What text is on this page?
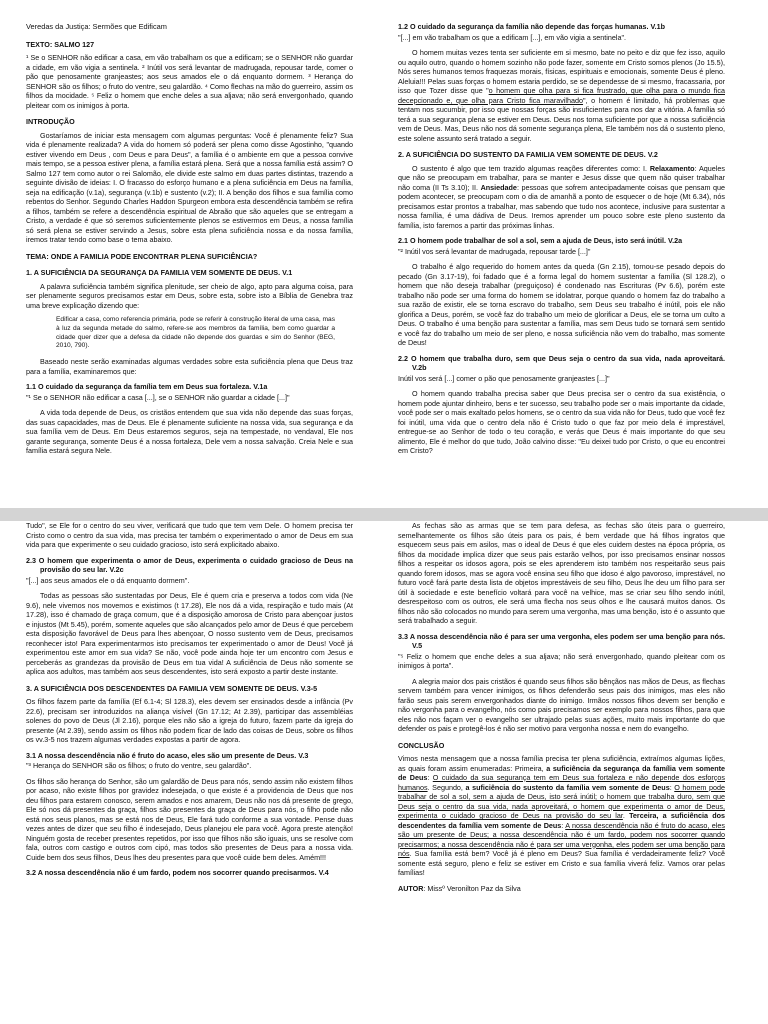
Veredas da Justiça: Sermões que Edificam

TEXTO: SALMO 127

¹ Se o SENHOR não edificar a casa, em vão trabalham os que a edificam; se o SENHOR não guardar a cidade, em vão vigia a sentinela. ² Inútil vos será levantar de madrugada, repousar tarde, comer o pão que penosamente granjeastes; aos seus amados ele o dá enquanto dormem. ³ Herança do SENHOR são os filhos; o fruto do ventre, seu galardão. ⁴ Como flechas na mão do guerreiro, assim os filhos da mocidade. ⁵ Feliz o homem que enche deles a sua aljava; não será envergonhado, quando pleitear com os inimigos à porta.

INTRODUÇÃO

Gostaríamos de iniciar esta mensagem com algumas perguntas: Você é plenamente feliz? Sua vida é plenamente realizada? A vida do homem só poderá ser plena como disse Agostinho, "quando estiver vivendo em Deus , com Deus e para Deus", a família é o ambiente em que a pessoa convive mais tempo, se a pessoa estiver plena, a família estará plena. Será que a nossa família está assim? O Salmo 127 tem como autor o rei Salomão, ele divide este salmo em duas partes distintas, trazendo a seguinte divisão de ideias: I. O fracasso do esforço humano e a plena suficiência em Deus na família, seja na edificação (v.1a), segurança (v.1b) e sustento (v.2); II. A benção dos filhos e sua família como rebentos do Senhor. Segundo Charles Haddon Spurgeon embora esta descendência também se refira a filhos, também se refere a descendência espiritual de Abraão que são aqueles que se entregam a Cristo, a verdade é que só seremos suficientemente plenos se estivermos em Deus, a nossa família só será plena se estiver servindo a Jesus, sobre esta plena suficiência nossa e da nossa família, iremos tratar tendo como base o tema abaixo.

TEMA: ONDE A FAMILIA PODE ENCONTRAR PLENA SUFICIÊNCIA?

1. A SUFICIÊNCIA DA SEGURANÇA DA FAMILIA VEM SOMENTE DE DEUS. V.1

A palavra suficiência também significa plenitude, ser cheio de algo, apto para alguma coisa, para ser plenamente seguros precisamos estar em Deus, sobre esta, sobre isto a Bíblia de Genebra traz uma breve explicação dizendo que:

Edificar a casa, como referencia primária, pode se referir à construção literal de uma casa, mas à luz da segunda metade do salmo, refere-se aos membros da família, bem como guardar a cidade quer dizer que a defesa da cidade não depende dos guardas e sim do Senhor (BEG, 2010, 790).

Baseado neste serão examinadas algumas verdades sobre esta suficiência plena que Deus traz para a família, examinaremos que:

1.1 O cuidado da segurança da família tem em Deus sua fortaleza. V.1a

"¹ Se o SENHOR não edificar a casa [...], se o SENHOR não guardar a cidade [...]"

A vida toda depende de Deus, os cristãos entendem que sua vida não depende das suas forças, das suas capacidades, mas de Deus. Ele é plenamente suficiente na nossa vida, sua segurança e da sua família vem de Deus. Em Deus estaremos seguros, seja na tempestade, no vendaval, Ele nos garante segurança, somente Deus é a nossa fortaleza, Dele vem a nossa salvação. Creia Nele e sua família estará segura Nele.

1.2 O cuidado da segurança da família não depende das forças humanas. V.1b

"[...] em vão trabalham os que a edificam [...], em vão vigia a sentinela".

O homem muitas vezes tenta ser suficiente em si mesmo, bate no peito e diz que fez isso, aquilo ou aquilo outro, quando o homem sozinho não pode fazer, somente em Cristo somos plenos (Jo 15.5), Nós seres humanos temos fraquezas morais, físicas, espirituais e emocionais, somente Deus é pleno. Aleluia!!! Pelas suas forças o homem estaria perdido, se se dependesse de si mesmo, fracassaria, por isso que Tozer disse que "o homem que olha para si fica frustrado, que olha para o mundo fica decepcionado e, que olha para Cristo fica maravilhado", o homem é limitado, há problemas que tentam nos sucumbir, por isso que nossas forças são insuficientes para nos dar a vitória. A família só terá a sua segurança plena se estiver em Deus. Deus nos torna suficiente por que a nossa suficiência vem de Deus. Mas, Deus não nos dá somente segurança plena, Ele também nos dá o sustento pleno, este solene assunto será tratado a seguir.

2. A SUFICIÊNCIA DO SUSTENTO DA FAMILIA VEM SOMENTE DE DEUS. V.2

O sustento é algo que tem trazido algumas reações diferentes como: I. Relaxamento: Aqueles que não se preocupam em trabalhar, para se manter e Jesus disse que quem não quiser trabalhar não coma (II Ts 3.10); II. Ansiedade: pessoas que sofrem antecipadamente coisas que pensam que podem acontecer, se preocupam com o dia de amanhã a ponto de esquecer o de hoje (Mt 6.34), nós precisamos estar prontos a trabalhar, mas sabendo que tudo nos acontece, inclusive para sustentar a nossa família, é uma dádiva de Deus. Iremos aprender um pouco sobre este pleno sustento da família, isto faremos a partir das próximas linhas.

2.1 O homem pode trabalhar de sol a sol, sem a ajuda de Deus, isto será inútil. V.2a

"² Inútil vos será levantar de madrugada, repousar tarde [...]"

O trabalho é algo requerido do homem antes da queda (Gn 2.15), tornou-se pesado depois do pecado (Gn 3.17-19), foi fadado que é a forma legal do homem sustentar a família (Sl 128.2), o homem que não deseja trabalhar (preguiçoso) é condenado nas Escrituras (Pv 6.6), porém este trabalho não pode ser uma forma do homem se idolatrar, porque quando o homem faz do trabalho a sua razão de existir, ele se torna escravo do trabalho, sem Deus seu trabalho é inútil, pois ele não glorifica a Deus, porém, se você faz do trabalho um meio de glorificar a Deus, ele se torna um culto a Deus. O trabalho é uma benção para sustentar a família, mas sem Deus tudo se tornará sem sentido e você faz do trabalho um meio de ser pleno, e nossa suficiência não vem do trabalho, mas somente de Deus!

2.2 O homem que trabalha duro, sem que Deus seja o centro da sua vida, nada aproveitará. V.2b

Inútil vos será [...] comer o pão que penosamente granjeastes [...]"

O homem quando trabalha precisa saber que Deus precisa ser o centro da sua existência, o homem pode ajuntar dinheiro, bens e ter sucesso, seu trabalho pode ser o mais importante da cidade, você pode ser o mais exaltado pelos homens, se o centro da sua vida não for Deus, tudo que você fez foi inútil, uma vida que o centro dela não é Cristo tudo o que faz por meio dela é imprestável, entregue-se ao Senhor de todo o teu coração, e verás que Deus é mais importante do que seu alimento, Ele é melhor do que tudo, João calvino disse: "Eu deixei tudo por Cristo, o que eu encontrei em Cristo?

Tudo", se Ele for o centro do seu viver, verificará que tudo que tem vem Dele. O homem precisa ter Cristo como o centro da sua vida, mas precisa ter também o experimentado o amor de Deus em sua vida para que experimente o seu cuidado gracioso, isto será explicitado abaixo.

2.3 O homem que experimenta o amor de Deus, experimenta o cuidado gracioso de Deus na provisão do seu lar. V.2c

"[...] aos seus amados ele o dá enquanto dormem".

Todas as pessoas são sustentadas por Deus, Ele é quem cria e preserva a todos com vida (Ne 9.6), nele vivemos nos movemos e existimos (t 17.28), Ele nos dá a vida, respiração e tudo mais (At 17.28), isso é chamado de graça comum, que é a disposição amorosa de Cristo para abençoar justos e injustos (Mt 5.45), porém, somente aqueles que são alcançados pelo amor de Deus é que percebem esta disposição favorável de Deus para lhes abençoar, O nosso sustento vem de Deus, precisamos reconhecer isto! Para experimentarmos isto precisamos ter experimentado o amor de Deus! Você já experimentou este amor em sua vida? Se não, você pode ainda hoje ter um encontro com Jesus e perceberás as grandezas da provisão de Deus em tua vida! A suficiência de Deus não somente se aplica aos adultos, mas também aos seus descendentes, isto será exposto a partir deste instante.

3. A SUFICIÊNCIA DOS DESCENDENTES DA FAMILIA VEM SOMENTE DE DEUS. V.3-5

Os filhos fazem parte da família (Ef 6.1-4; Sl 128.3), eles devem ser ensinados desde a infância (Pv 22.6), precisam ser introduzidos na aliança visível (Gn 17.12; At 2.39), participar das assembléias solenes do povo de Deus (Jl 2.16), porque eles não são a igreja do futuro, fazem parte da igreja do presente (At 2.39), sendo assim os filhos não podem ficar de lado das coisas de Deus, sobre os filhos os vv.3-5 nos trazem algumas verdades expostas a partir de agora.

3.1 A nossa descendência não é fruto do acaso, eles são um presente de Deus. V.3

"³ Herança do SENHOR são os filhos; o fruto do ventre, seu galardão".

Os filhos são herança do Senhor, são um galardão de Deus para nós, sendo assim não existem filhos por acaso, não existe filhos por gravidez indesejada, o que existe é a providencia de Deus que nos deu filhos para estarem conosco, serem amados e nos amarem, Deus não nos dá presente de grego, Ele só nos dá presentes da graça, filhos são presentes da graça de Deus para nós, o filho pode não está nos seus planos, mas se está nos de Deus, Ele fará tudo conforme a sua vontade. Pense duas vezes antes de dizer que seu filho é indesejado, Deus planejou ele para você. Agora preste atenção! Ninguém gosta de receber presentes repetidos, por isso que filhos não são iguais, uns se resolve com fala, outros com castigo e outros com cipó, mas todos são presentes de Deus para a nossa vida. Cuide bem dos seus filhos, Deus lhes deu presentes para que você cuide bem deles. Amém!!!

3.2 A nossa descendência não é um fardo, podem nos socorrer quando precisarmos. V.4

As fechas são as armas que se tem para defesa, as fechas são úteis para o guerreiro, semelhantemente os filhos são úteis para os pais, é bem verdade que há filhos ingratos que esquecem seus pais em asilos, mas o ideal de Deus é que eles cuidem destes na época própria, os filhos da mocidade implica dizer que seus pais estarão velhos, por isso precisamos ensinar nossos filhos a respeitar os idosos agora, pois se eles aprenderem isto também nos respeitarão seus pais quando forem idosos, mas se agora você ensina seu filho que idoso é algo pavoroso, imprestável, no futuro você fará parte desta lista de objetos imprestáveis de seu filho, Deus lhe deu um filho para ser útil à sociedade e este benefício voltará para você na velhice, mas se criar seu filho sendo inútil, desrespeitoso com os outros, ele será uma flecha nos seus olhos e lhe causará muitos danos. Os filhos não são colocados no mundo para serem uma vergonha, mas uma benção, isto é o assunto que será trabalhado a seguir.

3.3 A nossa descendência não é para ser uma vergonha, eles podem ser uma benção para nós. V.5

"⁵ Feliz o homem que enche deles a sua aljava; não será envergonhado, quando pleitear com os inimigos à porta".

A alegria maior dos pais cristãos é quando seus filhos são bênçãos nas mãos de Deus, as flechas servem também para vencer inimigos, os filhos defenderão seus pais dos inimigos, mas eles não farão seus pais serem envergonhados diante do inimigo. Irmãos nossos filhos devem ser benção e não vergonha para o evangelho, nós como pais precisamos ser exemplo para nossos filhos, para que eles não nos façam ver o evangelho ser ultrajado pelas suas ações, muito mais importante do que defender os pais e protegê-los é não ser motivo para vergonha nossa e nem do evangelho.

CONCLUSÃO

Vimos nesta mensagem que a nossa família precisa ter plena suficiência, extraímos algumas lições, as quais foram assim enumeradas: Primeira, a suficiência da segurança da família vem somente de Deus: O cuidado da sua segurança tem em Deus sua fortaleza e não depende dos esforços humanos. Segundo, a suficiência do sustento da família vem somente de Deus: O homem pode trabalhar de sol a sol, sem a ajuda de Deus, isto será inútil; o homem que trabalha duro, sem que Deus seja o centro da sua vida, nada aproveitará, o homem que experimenta o amor de Deus, experimenta o cuidado gracioso de Deus na provisão do seu lar. Terceira, a suficiência dos descendentes da família vem somente de Deus: A nossa descendência não é fruto do acaso, eles são um presente de Deus; a nossa descendência não é um fardo, podem nos socorrer quando precisarmos; a nossa descendência não é para ser uma vergonha, eles podem ser uma benção para nós. Sua família está bem? Você já é pleno em Deus? Sua família é verdadeiramente feliz? Você somente está seguro, pleno e feliz se estiver em Cristo e sua família viverá feliz. Vamos orar pelas famílias!

AUTOR: Missº Veronilton Paz da Silva
